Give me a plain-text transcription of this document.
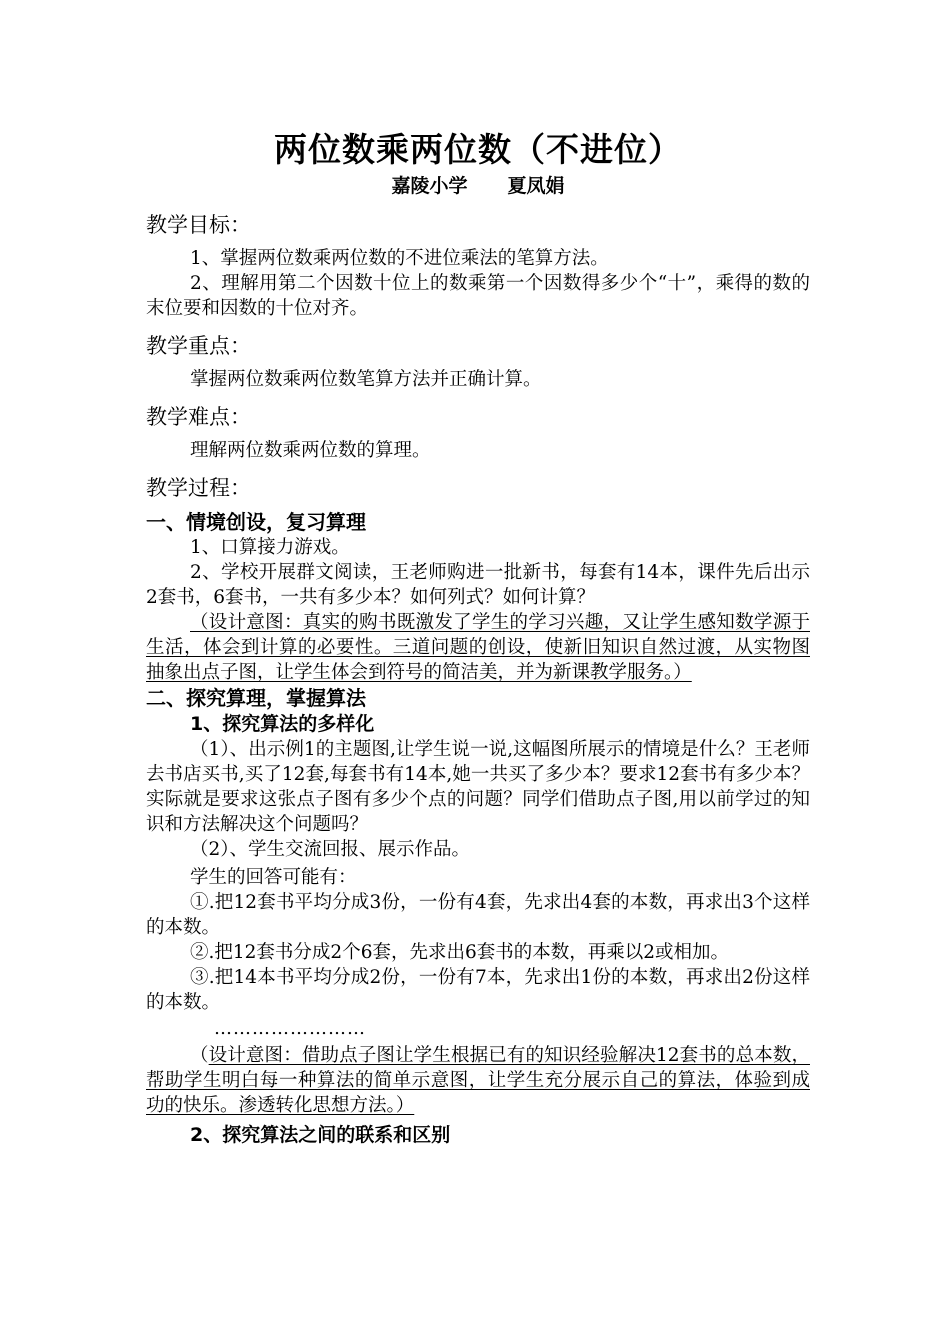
两位数乘两位数（不进位）
嘉陵小学 夏凤娟
教学目标：

1、掌握两位数乘两位数的不进位乘法的笔算方法。

2、理解用第二个因数十位上的数乘第一个因数得多少个“十”，乘得的数的末位要和因数的十位对齐。

教学重点：

掌握两位数乘两位数笔算方法并正确计算。

教学难点：

理解两位数乘两位数的算理。

教学过程：
一、情境创设，复习算理

1、口算接力游戏。

2、学校开展群文阅读，王老师购进一批新书，每套有14本，课件先后出示2套书，6套书，一共有多少本？如何列式？如何计算？

（设计意图：真实的购书既激发了学生的学习兴趣，又让学生感知数学源于生活，体会到计算的必要性。三道问题的创设，使新旧知识自然过渡，从实物图抽象出点子图，让学生体会到符号的简洁美，并为新课教学服务。）

二、探究算理，掌握算法
1、探究算法的多样化

（1）、出示例1的主题图,让学生说一说,这幅图所展示的情境是什么？王老师去书店买书,买了12套,每套书有14本,她一共买了多少本？要求12套书有多少本？实际就是要求这张点子图有多少个点的问题？同学们借助点子图,用以前学过的知识和方法解决这个问题吗？

（2）、学生交流回报、展示作品。

学生的回答可能有：

①.把12套书平均分成3份，一份有4套，先求出4套的本数，再求出3个这样的本数。

②.把12套书分成2个6套，先求出6套书的本数，再乘以2或相加。

③.把14本书平均分成2份，一份有7本，先求出1份的本数，再求出2份这样的本数。

……………………

（设计意图：借助点子图让学生根据已有的知识经验解决12套书的总本数，帮助学生明白每一种算法的简单示意图，让学生充分展示自己的算法，体验到成功的快乐。渗透转化思想方法。）

2、探究算法之间的联系和区别
